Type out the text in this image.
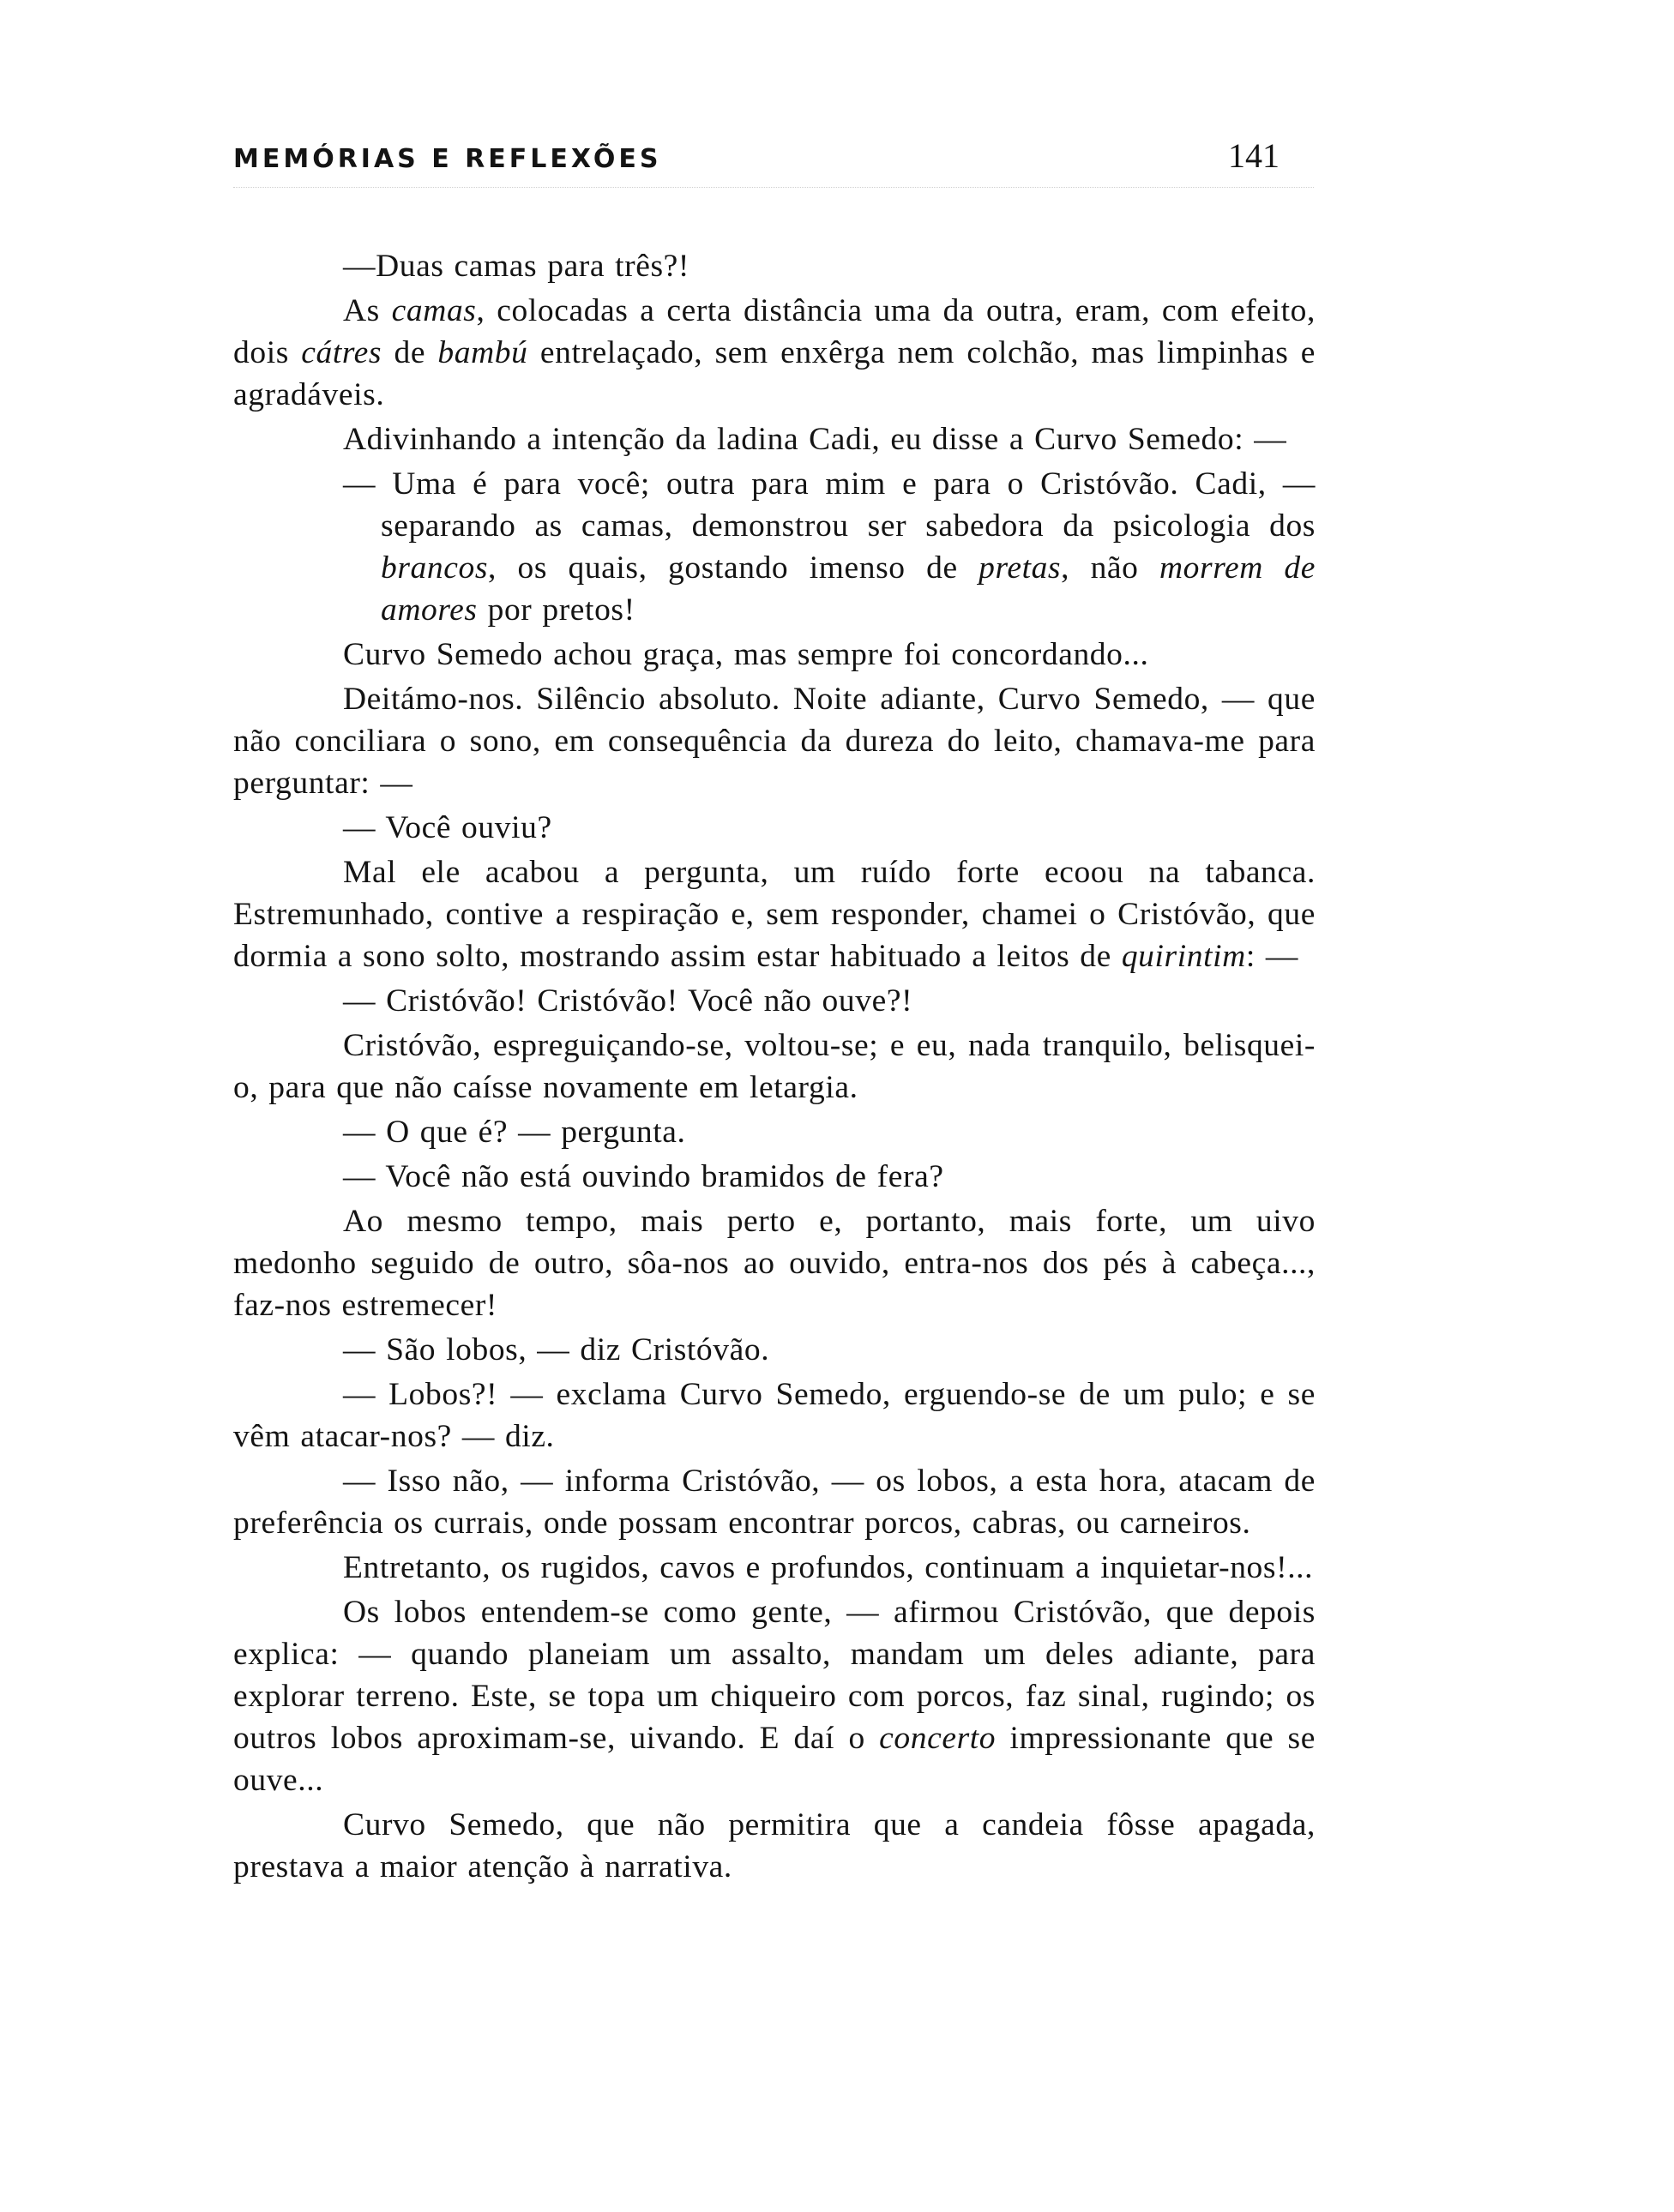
MEMÓRIAS E REFLEXÕES	141

—Duas camas para três?!

As camas, colocadas a certa distância uma da outra, eram, com efeito, dois cátres de bambú entrelaçado, sem enxêrga nem colchão, mas limpinhas e agradáveis.

Adivinhando a intenção da ladina Cadi, eu disse a Curvo Semedo: —

— Uma é para você; outra para mim e para o Cristóvão. Cadi, — separando as camas, demonstrou ser sabedora da psicologia dos brancos, os quais, gostando imenso de pretas, não morrem de amores por pretos!

Curvo Semedo achou graça, mas sempre foi concordando...

Deitámo-nos. Silêncio absoluto. Noite adiante, Curvo Semedo, — que não conciliara o sono, em consequência da dureza do leito, chamava-me para perguntar: —

— Você ouviu?

Mal ele acabou a pergunta, um ruído forte ecoou na tabanca. Estremunhado, contive a respiração e, sem responder, chamei o Cristóvão, que dormia a sono solto, mostrando assim estar habituado a leitos de quirintim: —

— Cristóvão! Cristóvão! Você não ouve?!

Cristóvão, espreguiçando-se, voltou-se; e eu, nada tranquilo, belisquei-o, para que não caísse novamente em letargia.

— O que é? — pergunta.

— Você não está ouvindo bramidos de fera?

Ao mesmo tempo, mais perto e, portanto, mais forte, um uivo medonho seguido de outro, sôa-nos ao ouvido, entra-nos dos pés à cabeça..., faz-nos estremecer!

— São lobos, — diz Cristóvão.

— Lobos?! — exclama Curvo Semedo, erguendo-se de um pulo; e se vêm atacar-nos? — diz.

— Isso não, — informa Cristóvão, — os lobos, a esta hora, atacam de preferência os currais, onde possam encontrar porcos, cabras, ou carneiros.

Entretanto, os rugidos, cavos e profundos, continuam a inquietar-nos!...

Os lobos entendem-se como gente, — afirmou Cristóvão, que depois explica: — quando planeiam um assalto, mandam um deles adiante, para explorar terreno. Este, se topa um chiqueiro com porcos, faz sinal, rugindo; os outros lobos aproximam-se, uivando. E daí o concerto impressionante que se ouve...

Curvo Semedo, que não permitira que a candeia fôsse apagada, prestava a maior atenção à narrativa.
